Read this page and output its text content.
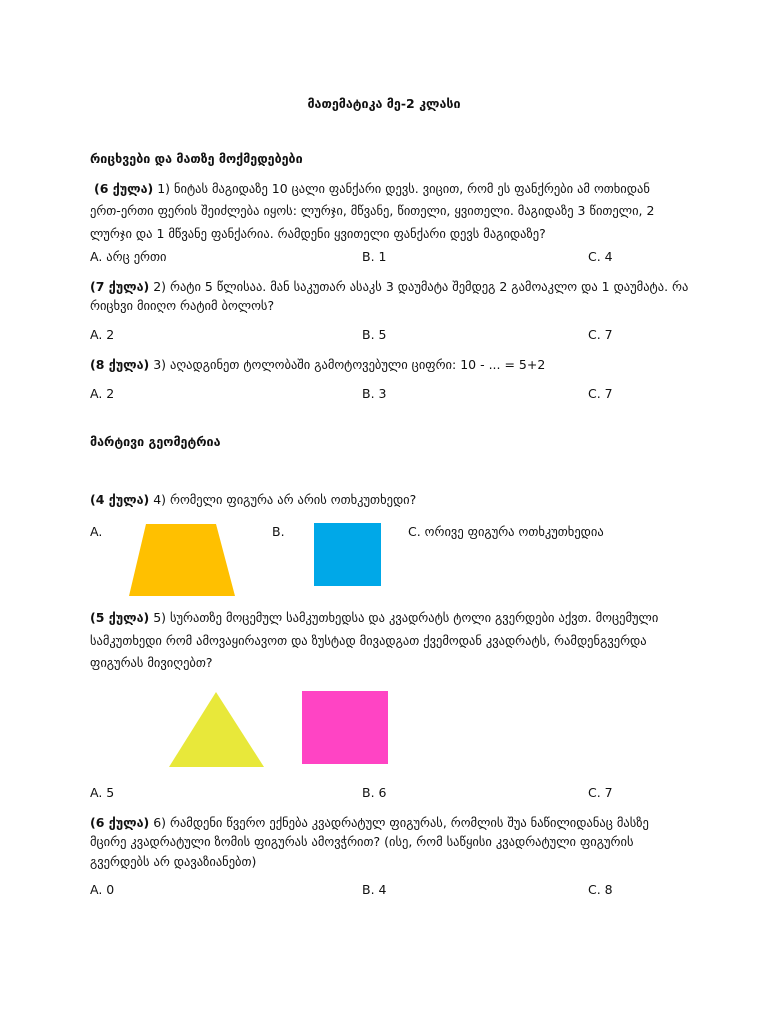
მათემატიკა მე-2 კლასი
რიცხვები და მათზე მოქმედებები
(6 ქულა) 1) ნიტას მაგიდაზე 10 ცალი ფანქარი დევს. ვიცით, რომ ეს ფანქრები ამ ოთხიდან
ერთ-ერთი ფერის შეიძლება იყოს: ლურჯი, მწვანე, წითელი, ყვითელი. მაგიდაზე 3 წითელი, 2
ლურჯი და 1 მწვანე ფანქარია. რამდენი ყვითელი ფანქარი დევს მაგიდაზე?
A. არც ერთი	B. 1	C. 4
(7 ქულა) 2) რატი 5 წლისაა. მან საკუთარ ასაკს 3 დაუმატა შემდეგ 2 გამოაკლო და 1 დაუმატა. რა
რიცხვი მიიღო რატიმ ბოლოს?
A. 2	B. 5	C. 7
(8 ქულა) 3) აღადგინეთ ტოლობაში გამოტოვებული ციფრი: 10 - ... = 5+2
A. 2	B. 3	C. 7
მარტივი გეომეტრია
(4 ქულა) 4) რომელი ფიგურა არ არის ოთხკუთხედი?
A.	B.	C. ორივე ფიგურა ოთხკუთხედია
(5 ქულა) 5) სურათზე მოცემულ სამკუთხედსა და კვადრატს ტოლი გვერდები აქვთ. მოცემული
სამკუთხედი რომ ამოვაყირავოთ და ზუსტად მივადგათ ქვემოდან კვადრატს, რამდენგვერდა
ფიგურას მივიღებთ?
A. 5	B. 6	C. 7
(6 ქულა) 6) რამდენი წვერო ექნება კვადრატულ ფიგურას, რომლის შუა ნაწილიდანაც მასზე
მცირე კვადრატული ზომის ფიგურას ამოვჭრით? (ისე, რომ საწყისი კვადრატული ფიგურის
გვერდებს არ დავაზიანებთ)
A. 0	B. 4	C. 8
